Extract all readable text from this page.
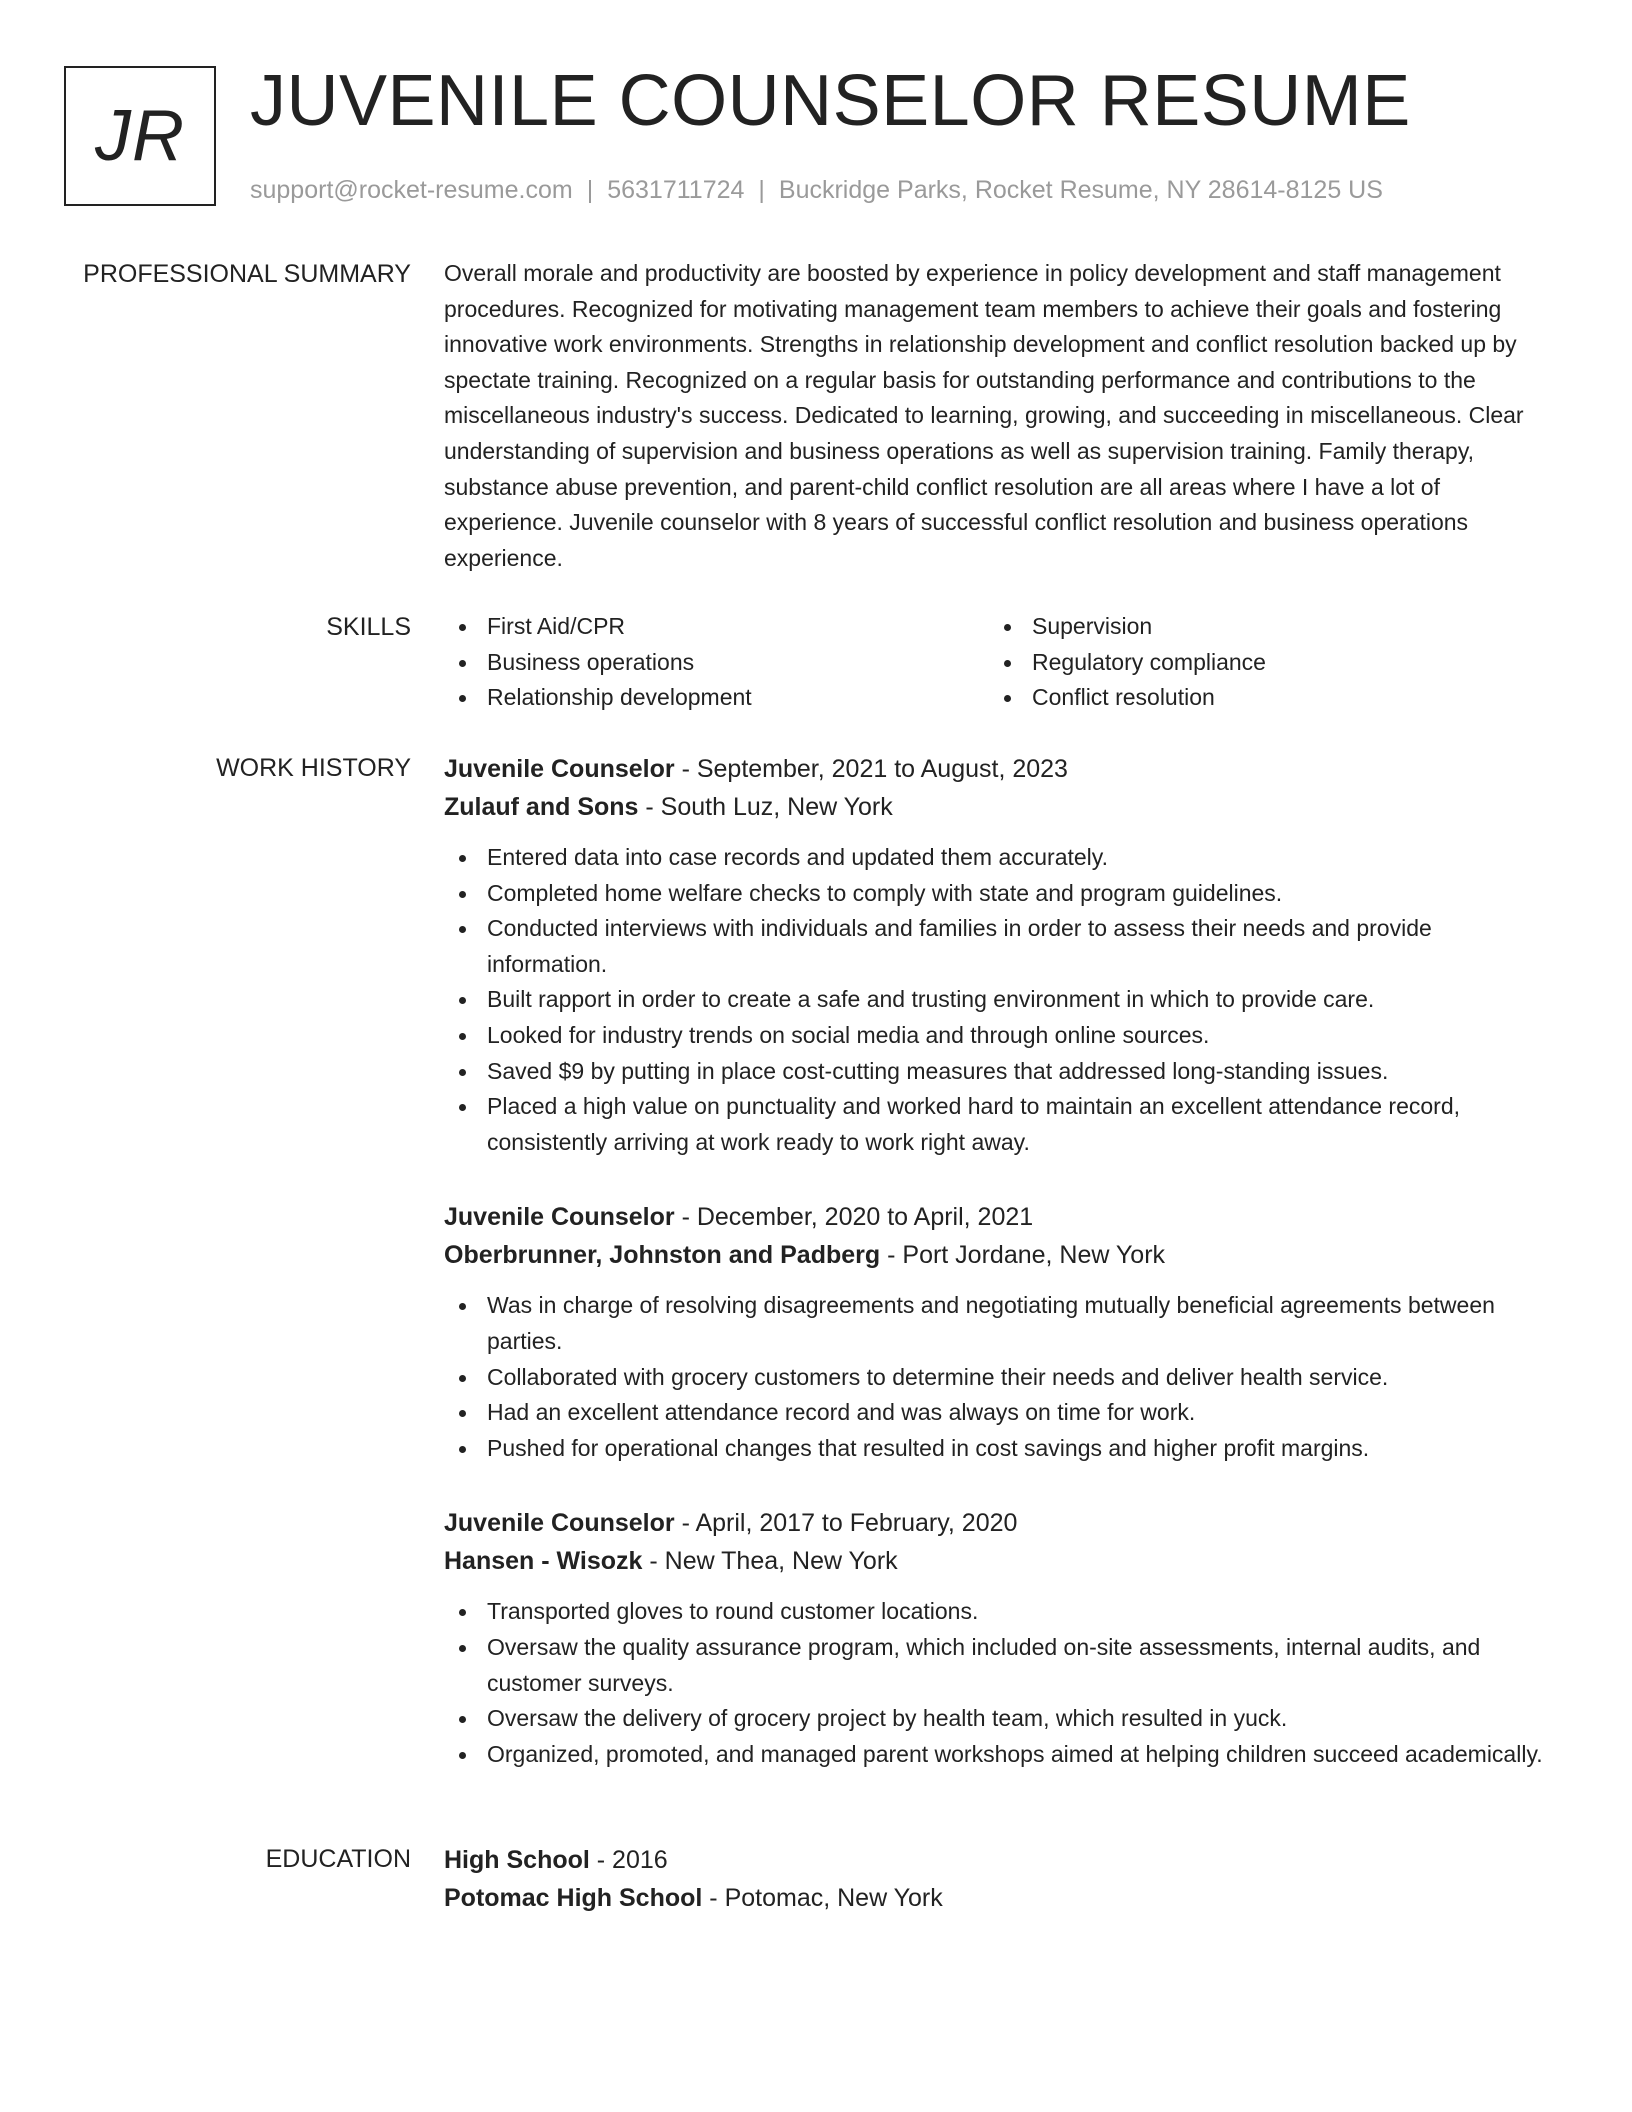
JR JUVENILE COUNSELOR RESUME
support@rocket-resume.com | 5631711724 | Buckridge Parks, Rocket Resume, NY 28614-8125 US
PROFESSIONAL SUMMARY Overall morale and productivity are boosted by experience in policy development and staff management procedures. Recognized for motivating management team members to achieve their goals and fostering innovative work environments. Strengths in relationship development and conflict resolution backed up by spectate training. Recognized on a regular basis for outstanding performance and contributions to the miscellaneous industry's success. Dedicated to learning, growing, and succeeding in miscellaneous. Clear understanding of supervision and business operations as well as supervision training. Family therapy, substance abuse prevention, and parent-child conflict resolution are all areas where I have a lot of experience. Juvenile counselor with 8 years of successful conflict resolution and business operations experience.

SKILLS	First Aid/CPR
Business operations
Relationship development
Supervision
Regulatory compliance
Conflict resolution
WORK HISTORY Juvenile Counselor - September, 2021 to August, 2023
Zulauf and Sons - South Luz, New York
Entered data into case records and updated them accurately.
Completed home welfare checks to comply with state and program guidelines.
Conducted interviews with individuals and families in order to assess their needs and provide information.
Built rapport in order to create a safe and trusting environment in which to provide care.
Looked for industry trends on social media and through online sources.
Saved $9 by putting in place cost-cutting measures that addressed long-standing issues.
Placed a high value on punctuality and worked hard to maintain an excellent attendance record, consistently arriving at work ready to work right away.
Juvenile Counselor - December, 2020 to April, 2021
Oberbrunner, Johnston and Padberg - Port Jordane, New York
Was in charge of resolving disagreements and negotiating mutually beneficial agreements between parties.
Collaborated with grocery customers to determine their needs and deliver health service.
Had an excellent attendance record and was always on time for work.
Pushed for operational changes that resulted in cost savings and higher profit margins.
Juvenile Counselor - April, 2017 to February, 2020
Hansen - Wisozk - New Thea, New York
Transported gloves to round customer locations.
Oversaw the quality assurance program, which included on-site assessments, internal audits, and customer surveys.
Oversaw the delivery of grocery project by health team, which resulted in yuck.
Organized, promoted, and managed parent workshops aimed at helping children succeed academically.
EDUCATION High School - 2016
Potomac High School - Potomac, New York
